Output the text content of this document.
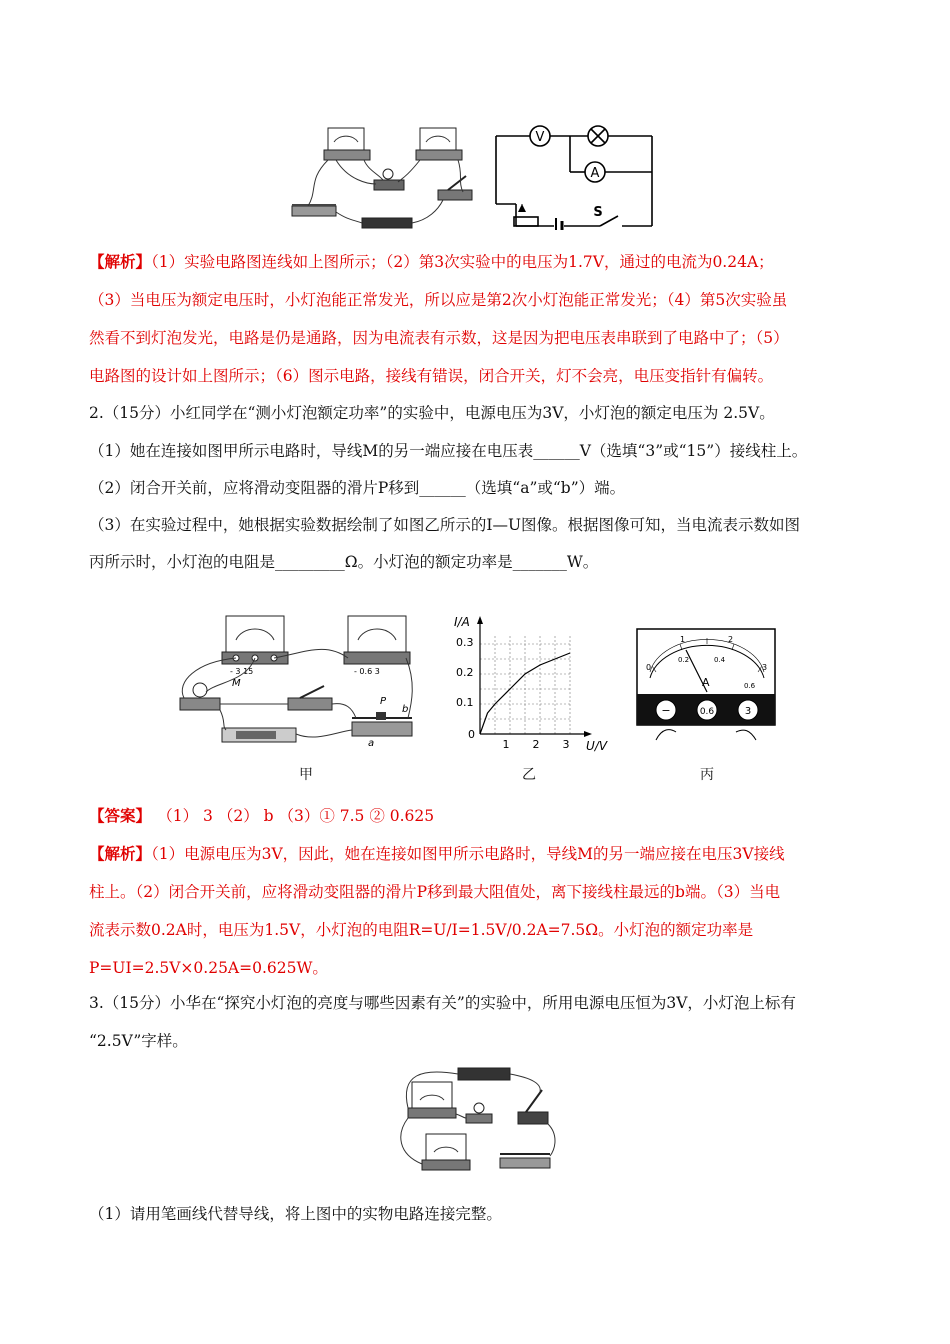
V
A
S
【解析】（1）实验电路图连线如上图所示；（2）第3次实验中的电压为1.7V，通过的电流为0.24A；
（3）当电压为额定电压时，小灯泡能正常发光，所以应是第2次小灯泡能正常发光；（4）第5次实验虽
然看不到灯泡发光，电路是仍是通路，因为电流表有示数，这是因为把电压表串联到了电路中了；（5）
电路图的设计如上图所示；（6）图示电路，接线有错误，闭合开关，灯不会亮，电压变指针有偏转。
2.（15分）小红同学在“测小灯泡额定功率”的实验中，电源电压为3V，小灯泡的额定电压为 2.5V。
（1）她在连接如图甲所示电路时，导线M的另一端应接在电压表______V（选填“3”或“15”）接线柱上。
（2）闭合开关前，应将滑动变阻器的滑片P移到______（选填“a”或“b”）端。
（3）在实验过程中，她根据实验数据绘制了如图乙所示的I—U图像。根据图像可知，当电流表示数如图
丙所示时，小灯泡的电阻是_________Ω。小灯泡的额定功率是_______W。
- 3 15
M
- 0.6 3
P
b
a
I/A
U/V
0.3
0.2
0.1
0
1 2 3
0
1	2
3
0.2	0.4
0.6
A
−	0.6	3
甲	乙	丙
【答案】 （1） 3 （2） b （3）① 7.5 ② 0.625
【解析】（1）电源电压为3V，因此，她在连接如图甲所示电路时，导线M的另一端应接在电压3V接线
柱上。（2）闭合开关前，应将滑动变阻器的滑片P移到最大阻值处，离下接线柱最远的b端。（3）当电
流表示数0.2A时，电压为1.5V，小灯泡的电阻R=U/I=1.5V/0.2A=7.5Ω。小灯泡的额定功率是
P=UI=2.5V×0.25A=0.625W。
3.（15分）小华在“探究小灯泡的亮度与哪些因素有关”的实验中，所用电源电压恒为3V，小灯泡上标有
“2.5V”字样。
（1）请用笔画线代替导线，将上图中的实物电路连接完整。
